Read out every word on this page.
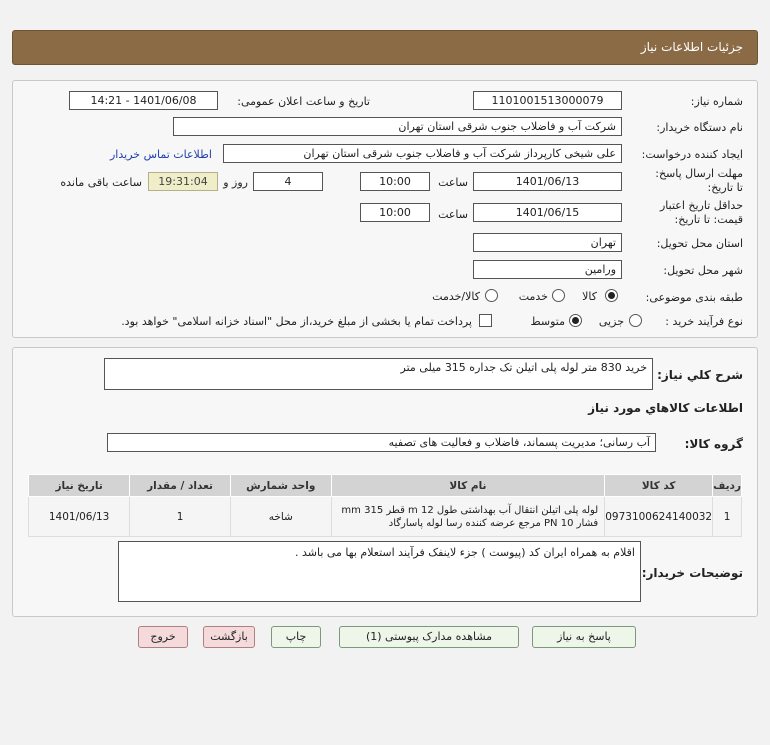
جزئیات اطلاعات نیاز
شماره نیاز:
1101001513000079
تاریخ و ساعت اعلان عمومی:
1401/06/08 - 14:21
نام دستگاه خریدار:
شرکت آب و فاضلاب جنوب شرقی استان تهران
ایجاد کننده درخواست:
علی شیخی کارپرداز شرکت آب و فاضلاب جنوب شرقی استان تهران
اطلاعات تماس خریدار
مهلت ارسال پاسخ: تا تاریخ:
1401/06/13
ساعت
10:00
4
روز و
19:31:04
ساعت باقی مانده
حداقل تاریخ اعتبار قیمت: تا تاریخ:
1401/06/15
ساعت
10:00
استان محل تحویل:
تهران
شهر محل تحویل:
ورامین
طبقه بندی موضوعی:
کالا
خدمت
کالا/خدمت
نوع فرآیند خرید :
جزیی
متوسط
پرداخت تمام یا بخشی از مبلغ خرید،از محل "اسناد خزانه اسلامی" خواهد بود.
شرح کلي نياز:
خرید 830 متر لوله پلی اتیلن تک جداره 315 میلی متر
اطلاعات کالاهاي مورد نياز
گروه کالا:
آب رسانی؛ مدیریت پسماند، فاضلاب و فعالیت های تصفیه
ردیف	کد کالا	نام کالا	واحد شمارش	تعداد / مقدار	تاریخ نیاز
1	0973100624140032	لوله پلی اتیلن انتقال آب بهداشتی طول 12 m قطر 315 mm فشار PN 10 مرجع عرضه کننده رسا لوله پاسارگاد	شاخه	1	1401/06/13
توضیحات خریدار:
اقلام به همراه ایران کد (پیوست ) جزء لاینفک فرآیند استعلام بها می باشد .
پاسخ به نیاز
مشاهده مدارک پیوستی (1)
چاپ
بازگشت
خروج
